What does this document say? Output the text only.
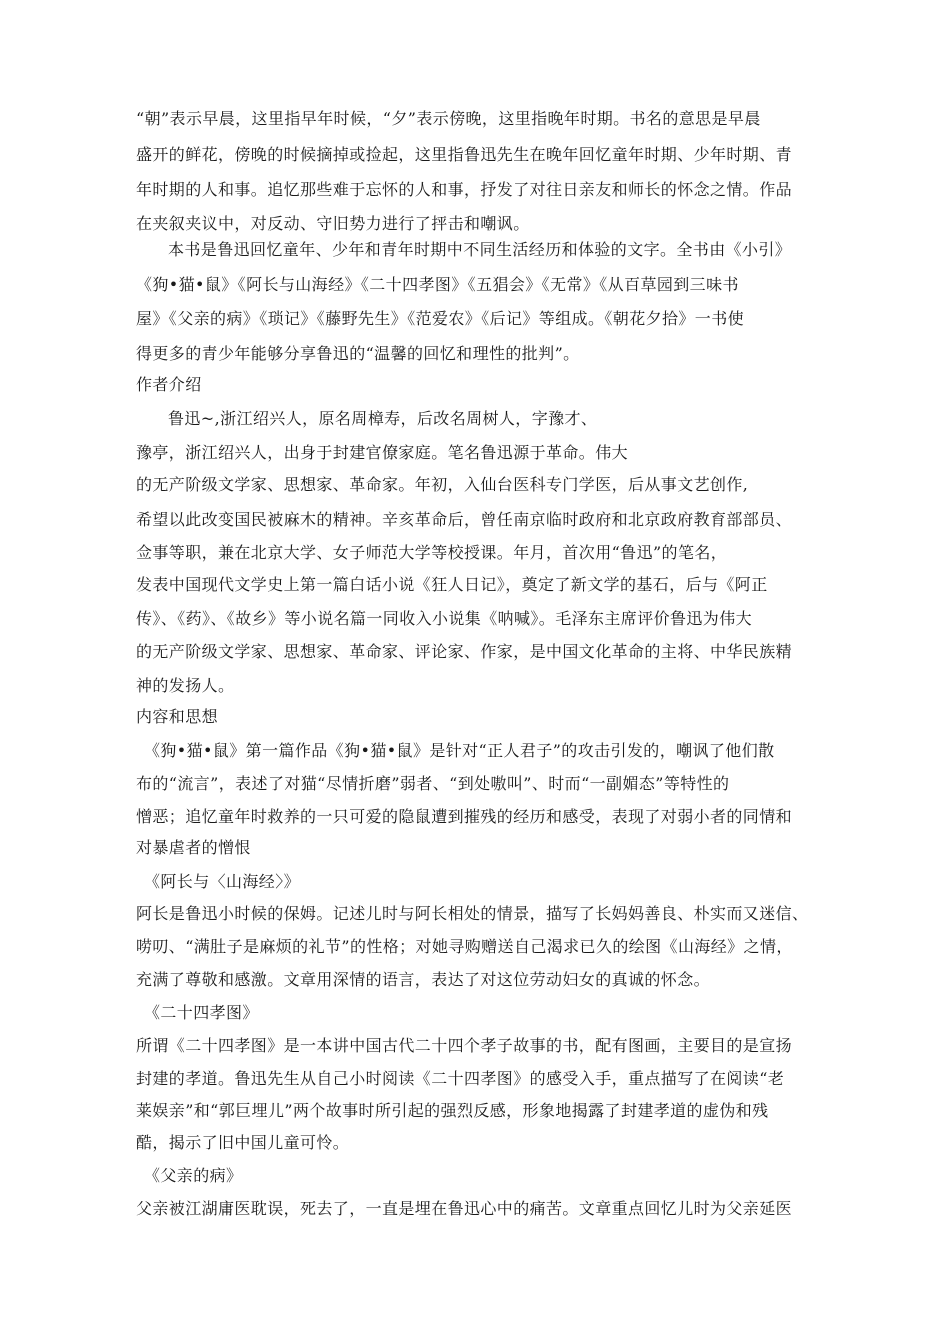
“朝”表示早晨，这里指早年时候，“夕”表示傍晚，这里指晚年时期。书名的意思是早晨
盛开的鲜花，傍晚的时候摘掉或捡起，这里指鲁迅先生在晚年回忆童年时期、少年时期、青
年时期的人和事。追忆那些难于忘怀的人和事，抒发了对往日亲友和师长的怀念之情。作品
在夹叙夹议中，对反动、守旧势力进行了抨击和嘲讽。
本书是鲁迅回忆童年、少年和青年时期中不同生活经历和体验的文字。全书由《小引》
《狗•猫•鼠》《阿长与山海经》《二十四孝图》《五猖会》《无常》《从百草园到三味书
屋》《父亲的病》《琐记》《藤野先生》《范爱农》《后记》等组成。《朝花夕拾》一书使
得更多的青少年能够分享鲁迅的“温馨的回忆和理性的批判”。
作者介绍
鲁迅~,浙江绍兴人，原名周樟寿，后改名周树人，字豫才、
豫亭，浙江绍兴人，出身于封建官僚家庭。笔名鲁迅源于革命。伟大
的无产阶级文学家、思想家、革命家。年初，入仙台医科专门学医，后从事文艺创作,
希望以此改变国民被麻木的精神。辛亥革命后，曾任南京临时政府和北京政府教育部部员、
佥事等职，兼在北京大学、女子师范大学等校授课。年月，首次用“鲁迅”的笔名，
发表中国现代文学史上第一篇白话小说《狂人日记》，奠定了新文学的基石，后与《阿正
传》、《药》、《故乡》等小说名篇一同收入小说集《呐喊》。毛泽东主席评价鲁迅为伟大
的无产阶级文学家、思想家、革命家、评论家、作家，是中国文化革命的主将、中华民族精
神的发扬人。
内容和思想
《狗•猫•鼠》第一篇作品《狗•猫•鼠》是针对“正人君子”的攻击引发的，嘲讽了他们散
布的“流言”，表述了对猫“尽情折磨”弱者、“到处嗷叫”、时而“一副媚态”等特性的
憎恶；追忆童年时救养的一只可爱的隐鼠遭到摧残的经历和感受，表现了对弱小者的同情和
对暴虐者的憎恨
《阿长与〈山海经〉》
阿长是鲁迅小时候的保姆。记述儿时与阿长相处的情景，描写了长妈妈善良、朴实而又迷信、
唠叨、“满肚子是麻烦的礼节”的性格；对她寻购赠送自己渴求已久的绘图《山海经》之情，
充满了尊敬和感激。文章用深情的语言，表达了对这位劳动妇女的真诚的怀念。
《二十四孝图》
所谓《二十四孝图》是一本讲中国古代二十四个孝子故事的书，配有图画，主要目的是宣扬
封建的孝道。鲁迅先生从自己小时阅读《二十四孝图》的感受入手，重点描写了在阅读“老
莱娱亲”和“郭巨埋儿”两个故事时所引起的强烈反感，形象地揭露了封建孝道的虚伪和残
酷，揭示了旧中国儿童可怜。
《父亲的病》
父亲被江湖庸医耽误，死去了，一直是埋在鲁迅心中的痛苦。文章重点回忆儿时为父亲延医
